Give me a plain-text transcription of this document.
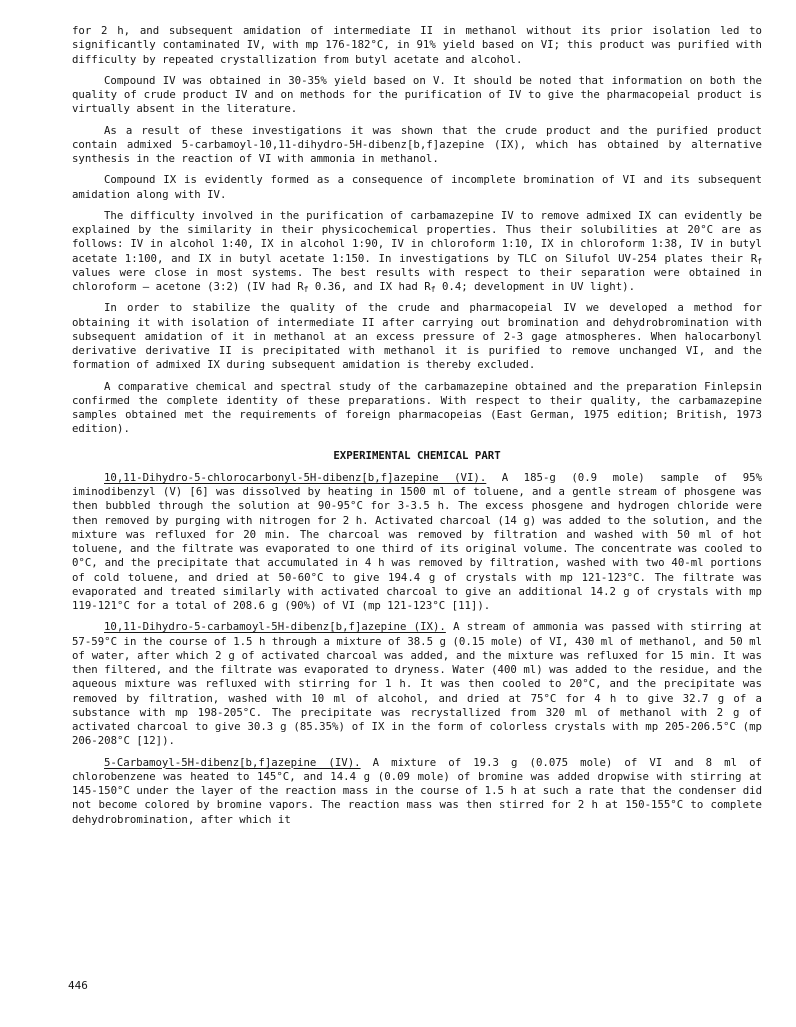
for 2 h, and subsequent amidation of intermediate II in methanol without its prior isolation led to significantly contaminated IV, with mp 176-182°C, in 91% yield based on VI; this product was purified with difficulty by repeated crystallization from butyl acetate and alcohol.

Compound IV was obtained in 30-35% yield based on V. It should be noted that information on both the quality of crude product IV and on methods for the purification of IV to give the pharmacopeial product is virtually absent in the literature.

As a result of these investigations it was shown that the crude product and the purified product contain admixed 5-carbamoyl-10,11-dihydro-5H-dibenz[b,f]azepine (IX), which has obtained by alternative synthesis in the reaction of VI with ammonia in methanol.

Compound IX is evidently formed as a consequence of incomplete bromination of VI and its subsequent amidation along with IV.

The difficulty involved in the purification of carbamazepine IV to remove admixed IX can evidently be explained by the similarity in their physicochemical properties. Thus their solubilities at 20°C are as follows: IV in alcohol 1:40, IX in alcohol 1:90, IV in chloroform 1:10, IX in chloroform 1:38, IV in butyl acetate 1:100, and IX in butyl acetate 1:150. In investigations by TLC on Silufol UV-254 plates their $R_f$ values were close in most systems. The best results with respect to their separation were obtained in chloroform — acetone (3:2) (IV had $R_f$ 0.36, and IX had $R_f$ 0.4; development in UV light).

In order to stabilize the quality of the crude and pharmacopeial IV we developed a method for obtaining it with isolation of intermediate II after carrying out bromination and dehydrobromination with subsequent amidation of it in methanol at an excess pressure of 2-3 gage atmospheres. When halocarbonyl derivative derivative II is precipitated with methanol it is purified to remove unchanged VI, and the formation of admixed IX during subsequent amidation is thereby excluded.

A comparative chemical and spectral study of the carbamazepine obtained and the preparation Finlepsin confirmed the complete identity of these preparations. With respect to their quality, the carbamazepine samples obtained met the requirements of foreign pharmacopeias (East German, 1975 edition; British, 1973 edition).

EXPERIMENTAL CHEMICAL PART

10,11-Dihydro-5-chlorocarbonyl-5H-dibenz[b,f]azepine (VI). A 185-g (0.9 mole) sample of 95% iminodibenzyl (V) [6] was dissolved by heating in 1500 ml of toluene, and a gentle stream of phosgene was then bubbled through the solution at 90-95°C for 3-3.5 h. The excess phosgene and hydrogen chloride were then removed by purging with nitrogen for 2 h. Activated charcoal (14 g) was added to the solution, and the mixture was refluxed for 20 min. The charcoal was removed by filtration and washed with 50 ml of hot toluene, and the filtrate was evaporated to one third of its original volume. The concentrate was cooled to 0°C, and the precipitate that accumulated in 4 h was removed by filtration, washed with two 40-ml portions of cold toluene, and dried at 50-60°C to give 194.4 g of crystals with mp 121-123°C. The filtrate was evaporated and treated similarly with activated charcoal to give an additional 14.2 g of crystals with mp 119-121°C for a total of 208.6 g (90%) of VI (mp 121-123°C [11]).

10,11-Dihydro-5-carbamoyl-5H-dibenz[b,f]azepine (IX). A stream of ammonia was passed with stirring at 57-59°C in the course of 1.5 h through a mixture of 38.5 g (0.15 mole) of VI, 430 ml of methanol, and 50 ml of water, after which 2 g of activated charcoal was added, and the mixture was refluxed for 15 min. It was then filtered, and the filtrate was evaporated to dryness. Water (400 ml) was added to the residue, and the aqueous mixture was refluxed with stirring for 1 h. It was then cooled to 20°C, and the precipitate was removed by filtration, washed with 10 ml of alcohol, and dried at 75°C for 4 h to give 32.7 g of a substance with mp 198-205°C. The precipitate was recrystallized from 320 ml of methanol with 2 g of activated charcoal to give 30.3 g (85.35%) of IX in the form of colorless crystals with mp 205-206.5°C (mp 206-208°C [12]).

5-Carbamoyl-5H-dibenz[b,f]azepine (IV). A mixture of 19.3 g (0.075 mole) of VI and 8 ml of chlorobenzene was heated to 145°C, and 14.4 g (0.09 mole) of bromine was added dropwise with stirring at 145-150°C under the layer of the reaction mass in the course of 1.5 h at such a rate that the condenser did not become colored by bromine vapors. The reaction mass was then stirred for 2 h at 150-155°C to complete dehydrobromination, after which it

446
